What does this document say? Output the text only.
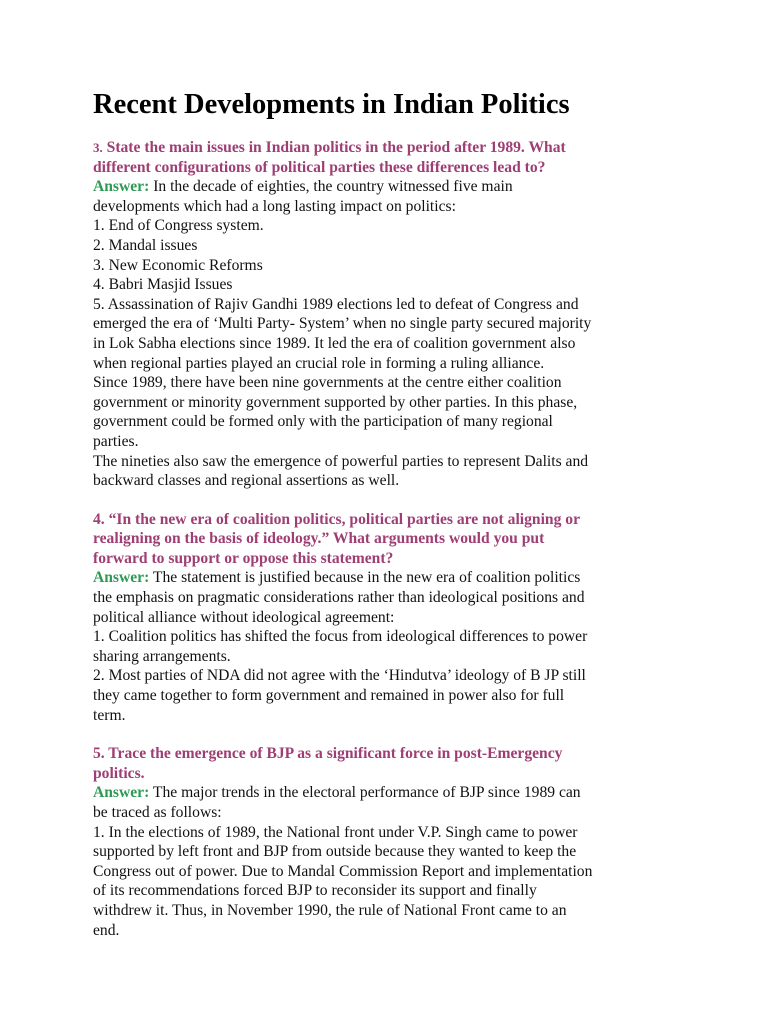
Recent Developments in Indian Politics
3. State the main issues in Indian politics in the period after 1989. What
different configurations of political parties these differences lead to?
Answer: In the decade of eighties, the country witnessed five main
developments which had a long lasting impact on politics:
1. End of Congress system.
2. Mandal issues
3. New Economic Reforms
4. Babri Masjid Issues
5. Assassination of Rajiv Gandhi 1989 elections led to defeat of Congress and
emerged the era of ‘Multi Party- System’ when no single party secured majority
in Lok Sabha elections since 1989. It led the era of coalition government also
when regional parties played an crucial role in forming a ruling alliance.
Since 1989, there have been nine governments at the centre either coalition
government or minority government supported by other parties. In this phase,
government could be formed only with the participation of many regional
parties.
The nineties also saw the emergence of powerful parties to represent Dalits and
backward classes and regional assertions as well.
4. “In the new era of coalition politics, political parties are not aligning or
realigning on the basis of ideology.” What arguments would you put
forward to support or oppose this statement?
Answer: The statement is justified because in the new era of coalition politics
the emphasis on pragmatic considerations rather than ideological positions and
political alliance without ideological agreement:
1. Coalition politics has shifted the focus from ideological differences to power
sharing arrangements.
2. Most parties of NDA did not agree with the ‘Hindutva’ ideology of B JP still
they came together to form government and remained in power also for full
term.
5. Trace the emergence of BJP as a significant force in post-Emergency
politics.
Answer: The major trends in the electoral performance of BJP since 1989 can
be traced as follows:
1. In the elections of 1989, the National front under V.P. Singh came to power
supported by left front and BJP from outside because they wanted to keep the
Congress out of power. Due to Mandal Commission Report and implementation
of its recommendations forced BJP to reconsider its support and finally
withdrew it. Thus, in November 1990, the rule of National Front came to an
end.
